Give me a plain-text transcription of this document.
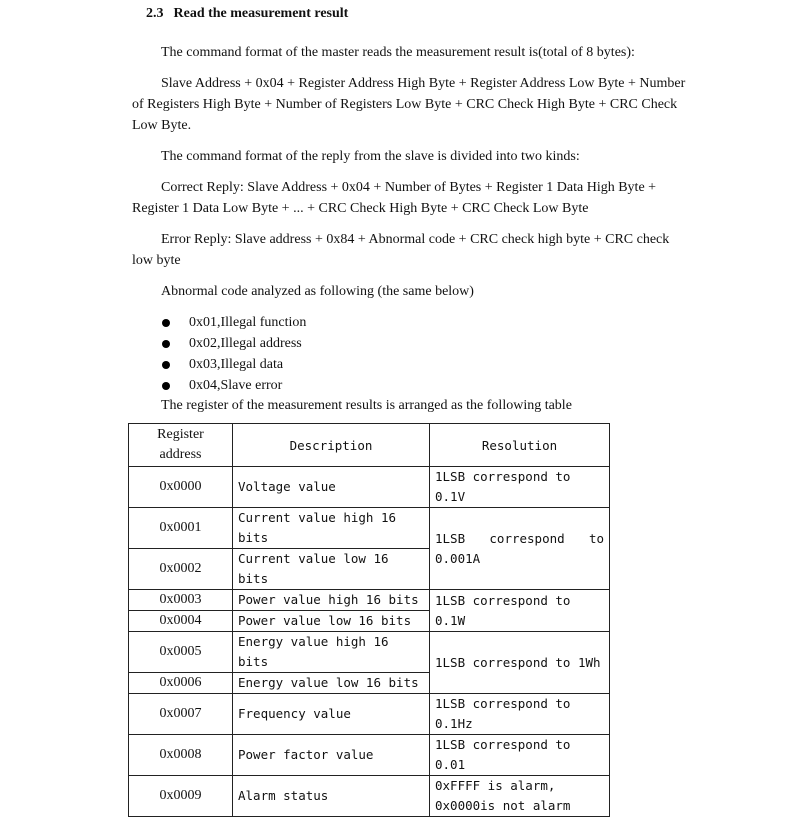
2.3 Read the measurement result
The command format of the master reads the measurement result is(total of 8 bytes):
Slave Address + 0x04 + Register Address High Byte + Register Address Low Byte + Number of Registers High Byte + Number of Registers Low Byte + CRC Check High Byte + CRC Check Low Byte.
The command format of the reply from the slave is divided into two kinds:
Correct Reply: Slave Address + 0x04 + Number of Bytes + Register 1 Data High Byte + Register 1 Data Low Byte + ... + CRC Check High Byte + CRC Check Low Byte
Error Reply: Slave address + 0x84 + Abnormal code + CRC check high byte + CRC check low byte
Abnormal code analyzed as following (the same below)
0x01,Illegal function
0x02,Illegal address
0x03,Illegal data
0x04,Slave error
The register of the measurement results is arranged as the following table
Register
address	Description	Resolution
0x0000	Voltage value	1LSB correspond to 0.1V
0x0001	Current value high 16 bits	1LSB correspond to
0.001A

0x0002	Current value low 16 bits	
0x0003	Power value high 16 bits	1LSB correspond to 0.1W
0x0004	Power value low 16 bits	
0x0005	Energy value high 16 bits	1LSB correspond to 1Wh
0x0006	Energy value low 16 bits	
0x0007	Frequency value	1LSB correspond to 0.1Hz
0x0008	Power factor value	1LSB correspond to 0.01
0x0009	Alarm status	0xFFFF is alarm,
0x0000is not alarm
